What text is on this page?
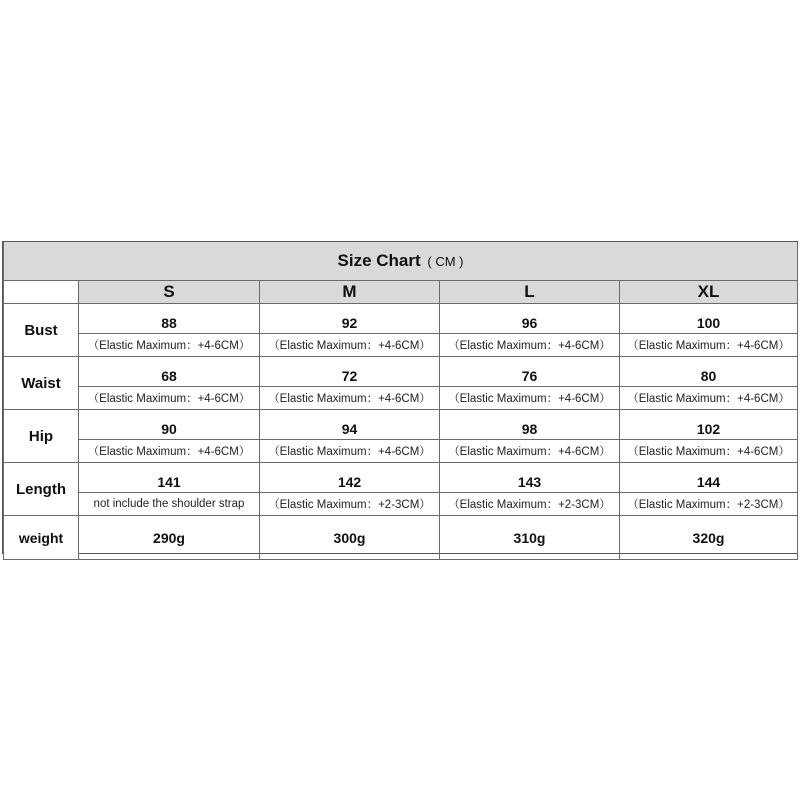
Size Chart ( CM )				
	S	M	L	XL
Bust	88	92	96	100
	（Elastic Maximum：+4-6CM）	（Elastic Maximum：+4-6CM）	（Elastic Maximum：+4-6CM）	（Elastic Maximum：+4-6CM）
Waist	68	72	76	80
	（Elastic Maximum：+4-6CM）	（Elastic Maximum：+4-6CM）	（Elastic Maximum：+4-6CM）	（Elastic Maximum：+4-6CM）
Hip	90	94	98	102
	（Elastic Maximum：+4-6CM）	（Elastic Maximum：+4-6CM）	（Elastic Maximum：+4-6CM）	（Elastic Maximum：+4-6CM）
Length	141	142	143	144
	not include the shoulder strap	（Elastic Maximum：+2-3CM）	（Elastic Maximum：+2-3CM）	（Elastic Maximum：+2-3CM）
weight	290g	300g	310g	320g
